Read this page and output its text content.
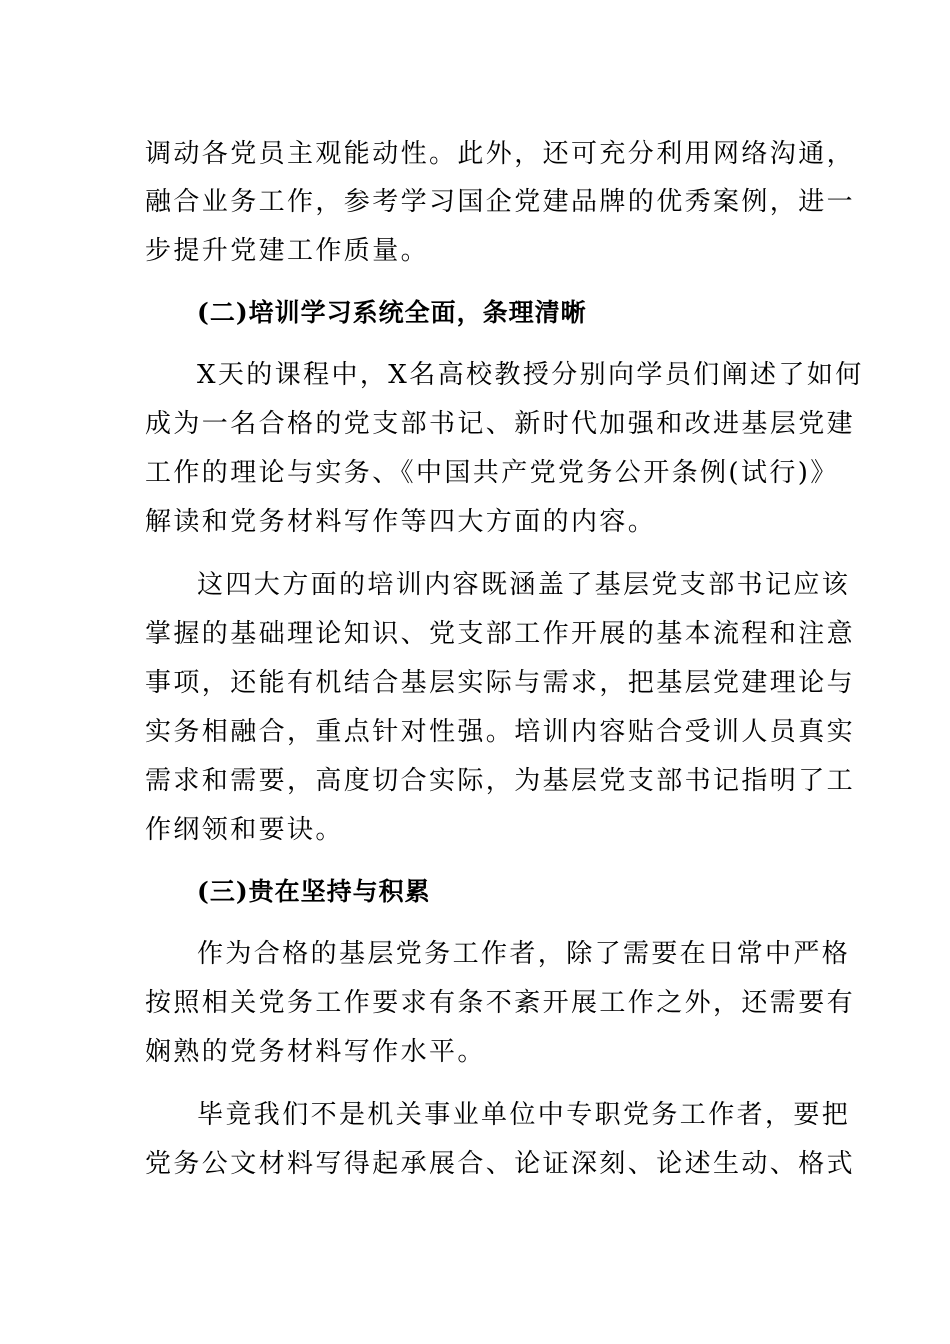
调动各党员主观能动性。此外，还可充分利用网络沟通，
融合业务工作，参考学习国企党建品牌的优秀案例，进一
步提升党建工作质量。
(二)培训学习系统全面，条理清晰
X天的课程中，X名高校教授分别向学员们阐述了如何
成为一名合格的党支部书记、新时代加强和改进基层党建
工作的理论与实务、《中国共产党党务公开条例(试行)》
解读和党务材料写作等四大方面的内容。
这四大方面的培训内容既涵盖了基层党支部书记应该
掌握的基础理论知识、党支部工作开展的基本流程和注意
事项，还能有机结合基层实际与需求，把基层党建理论与
实务相融合，重点针对性强。培训内容贴合受训人员真实
需求和需要，高度切合实际，为基层党支部书记指明了工
作纲领和要诀。
(三)贵在坚持与积累
作为合格的基层党务工作者，除了需要在日常中严格
按照相关党务工作要求有条不紊开展工作之外，还需要有
娴熟的党务材料写作水平。
毕竟我们不是机关事业单位中专职党务工作者，要把
党务公文材料写得起承展合、论证深刻、论述生动、格式
